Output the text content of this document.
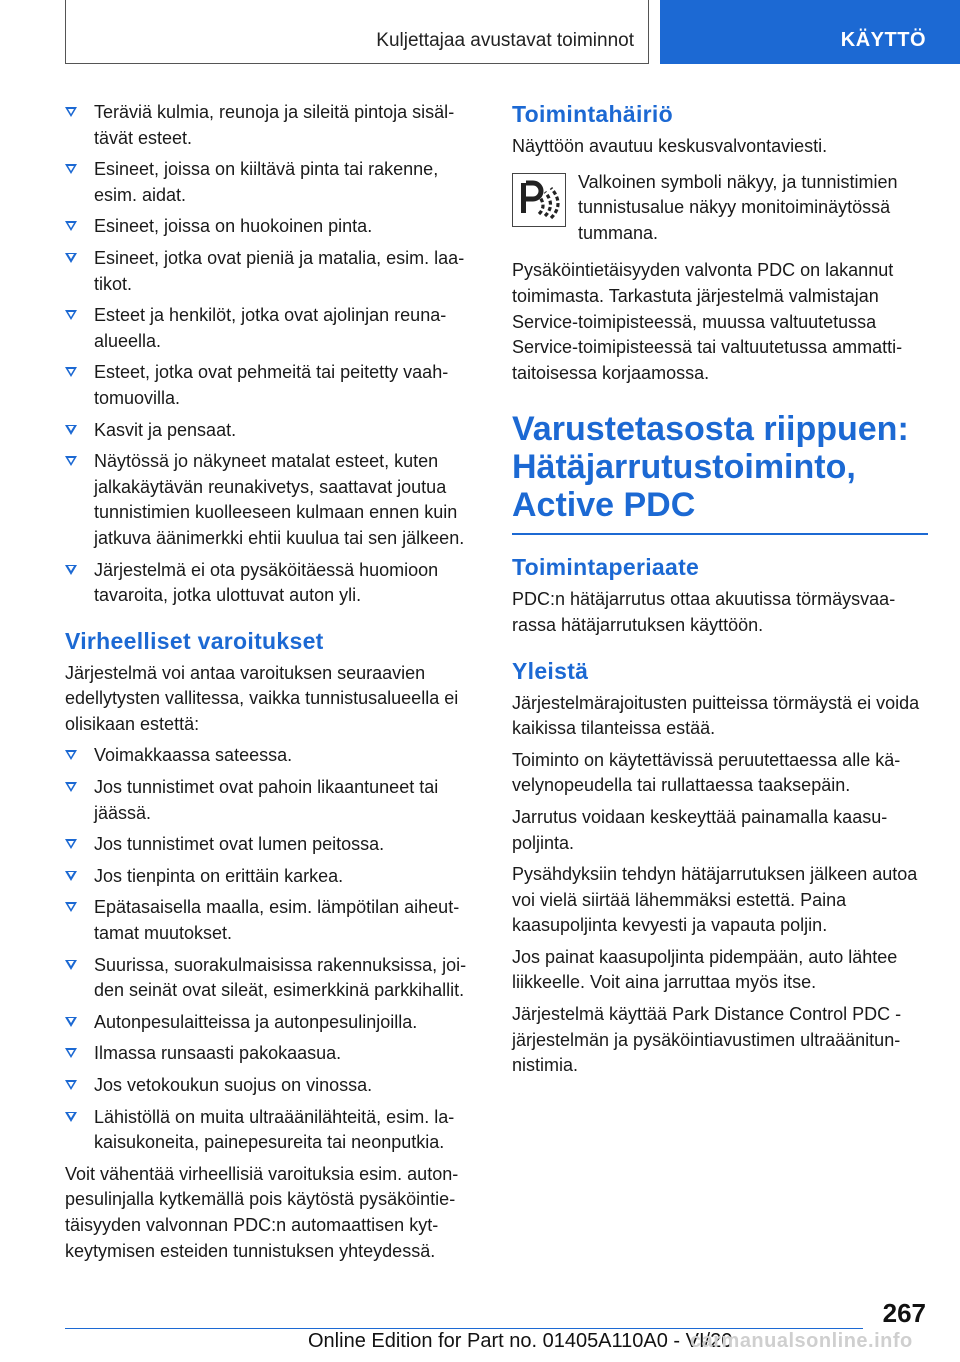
Kuljettajaa avustavat toiminnot	KÄYTTÖ
Teräviä kulmia, reunoja ja sileitä pintoja sisältävät esteet.
Esineet, joissa on kiiltävä pinta tai rakenne, esim. aidat.
Esineet, joissa on huokoinen pinta.
Esineet, jotka ovat pieniä ja matalia, esim. laatikot.
Esteet ja henkilöt, jotka ovat ajolinjan reunaalueella.
Esteet, jotka ovat pehmeitä tai peitetty vaahtomuovilla.
Kasvit ja pensaat.
Näytössä jo näkyneet matalat esteet, kuten jalkakäytävän reunakivetys, saattavat joutua tunnistimien kuolleeseen kulmaan ennen kuin jatkuva äänimerkki ehtii kuulua tai sen jälkeen.
Järjestelmä ei ota pysäköitäessä huomioon tavaroita, jotka ulottuvat auton yli.
Virheelliset varoitukset
Järjestelmä voi antaa varoituksen seuraavien edellytysten vallitessa, vaikka tunnistusalueella ei olisikaan estettä:
Voimakkaassa sateessa.
Jos tunnistimet ovat pahoin likaantuneet tai jäässä.
Jos tunnistimet ovat lumen peitossa.
Jos tienpinta on erittäin karkea.
Epätasaisella maalla, esim. lämpötilan aiheuttamat muutokset.
Suurissa, suorakulmaisissa rakennuksissa, joiden seinät ovat sileät, esimerkkinä parkkihallit.
Autonpesulaitteissa ja autonpesulinjoilla.
Ilmassa runsaasti pakokaasua.
Jos vetokoukun suojus on vinossa.
Lähistöllä on muita ultraäänilähteitä, esim. lakaisukoneita, painepesureita tai neonputkia.
Voit vähentää virheellisiä varoituksia esim. autonpesulinjalla kytkemällä pois käytöstä pysäköintietäisyyden valvonnan PDC:n automaattisen kytkeytymisen esteiden tunnistuksen yhteydessä.
Toimintahäiriö
Näyttöön avautuu keskusvalvontaviesti.
Valkoinen symboli näkyy, ja tunnistimien tunnistusalue näkyy monitoiminäytössä tummana.
Pysäköintietäisyyden valvonta PDC on lakannut toimimasta. Tarkastuta järjestelmä valmistajan Service-toimipisteessä, muussa valtuutetussa Service-toimipisteessä tai valtuutetussa ammattitaitoisessa korjaamossa.
Varustetasosta riippuen: Hätäjarrutustoiminto, Active PDC
Toimintaperiaate
PDC:n hätäjarrutus ottaa akuutissa törmäysvaarassa hätäjarrutuksen käyttöön.
Yleistä
Järjestelmärajoitusten puitteissa törmäystä ei voida kaikissa tilanteissa estää.
Toiminto on käytettävissä peruutettaessa alle kävelynopeudella tai rullattaessa taaksepäin.
Jarrutus voidaan keskeyttää painamalla kaasupoljinta.
Pysähdyksiin tehdyn hätäjarrutuksen jälkeen autoa voi vielä siirtää lähemmäksi estettä. Paina kaasupoljinta kevyesti ja vapauta poljin.
Jos painat kaasupoljinta pidempään, auto lähtee liikkeelle. Voit aina jarruttaa myös itse.
Järjestelmä käyttää Park Distance Control PDC -järjestelmän ja pysäköintiavustimen ultraäänitunnistimia.
267
Online Edition for Part no. 01405A110A0 - VI/20
carmanualsonline.info
